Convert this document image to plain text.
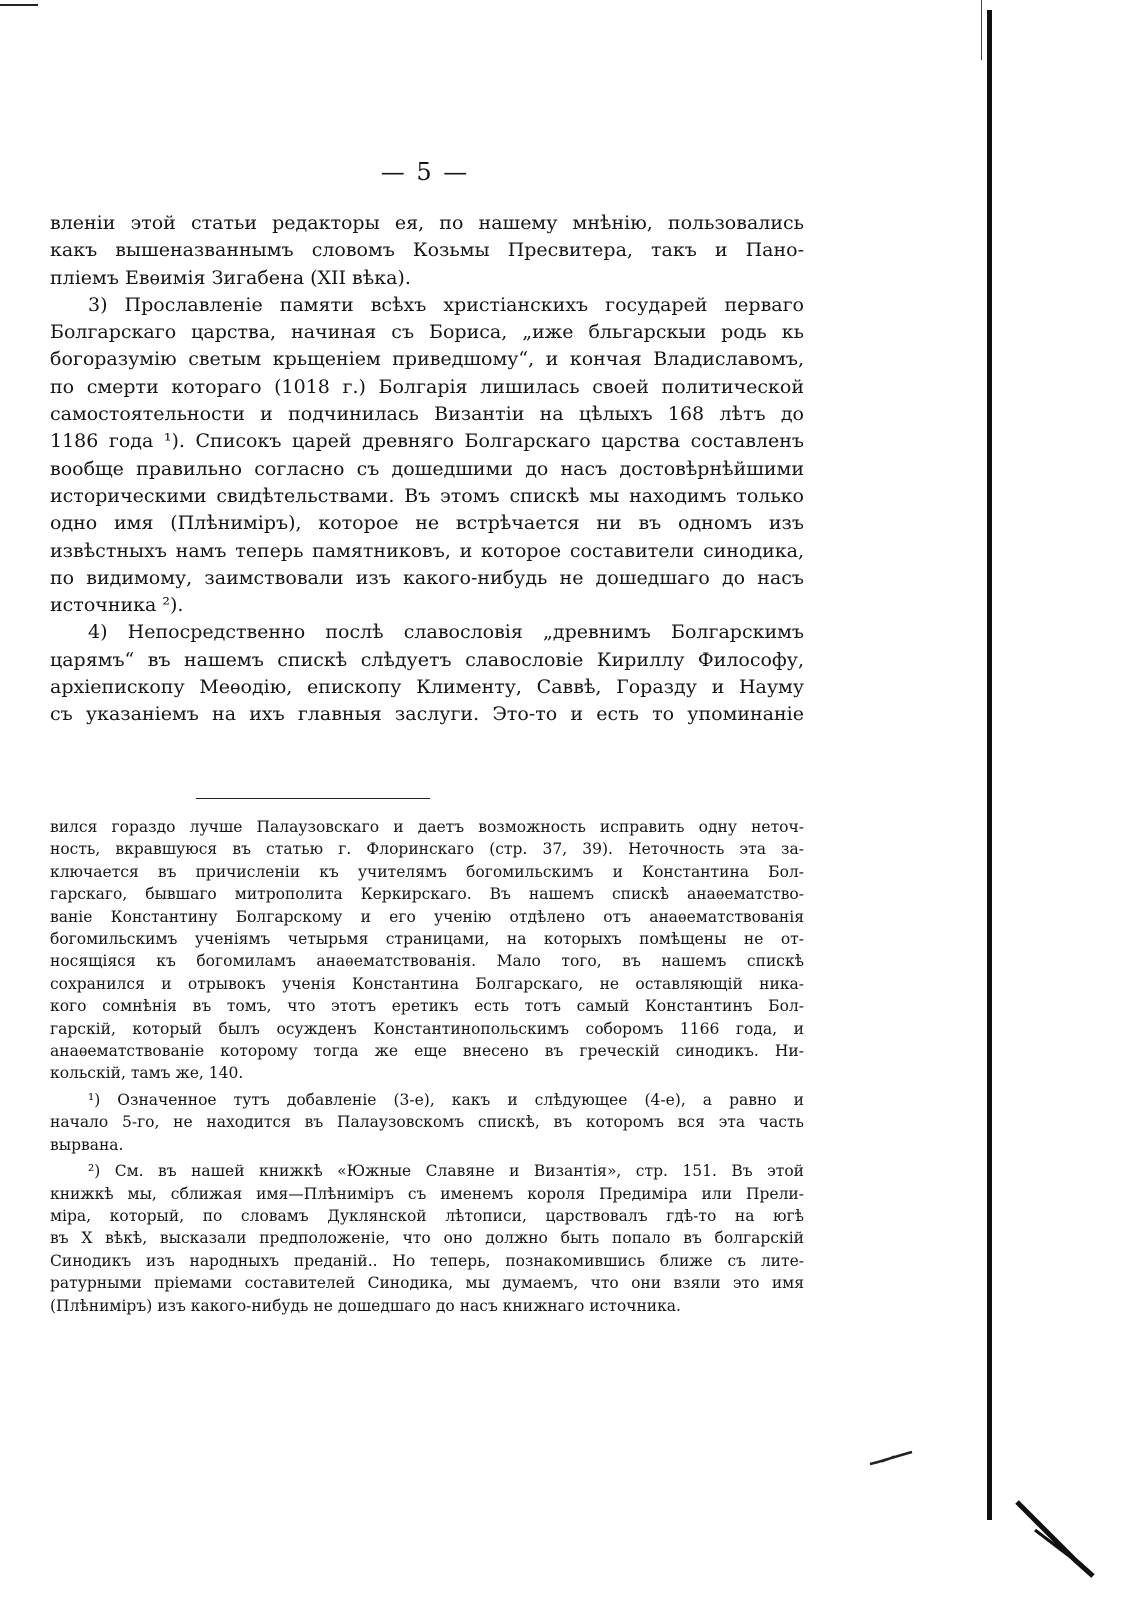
— 5 —
вленіи этой статьи редакторы ея, по нашему мнѣнію, пользовались
какъ вышеназваннымъ словомъ Козьмы Пресвитера, такъ и Пано-
пліемъ Евѳимія Зигабена (XII вѣка).
3) Прославленіе памяти всѣхъ христіанскихъ государей перваго
Болгарскаго царства, начиная съ Бориса, „иже бльгарскыи родь кь
богоразумію светым крьщеніем приведшому“, и кончая Владиславомъ,
по смерти котораго (1018 г.) Болгарія лишилась своей политической
самостоятельности и подчинилась Византіи на цѣлыхъ 168 лѣтъ до
1186 года ¹). Списокъ царей древняго Болгарскаго царства составленъ
вообще правильно согласно съ дошедшими до насъ достовѣрнѣйшими
историческими свидѣтельствами. Въ этомъ спискѣ мы находимъ только
одно имя (Плѣнимiръ), которое не встрѣчается ни въ одномъ изъ
извѣстныхъ намъ теперь памятниковъ, и которое составители синодика,
по видимому, заимствовали изъ какого-нибудь не дошедшаго до насъ
источника ²).
4) Непосредственно послѣ славословія „древнимъ Болгарскимъ
царямъ“ въ нашемъ спискѣ слѣдуетъ славословіе Кириллу Философу,
архіепископу Меѳодію, епископу Клименту, Саввѣ, Горазду и Науму
съ указаніемъ на ихъ главныя заслуги. Это-то и есть то упоминаніе
вился гораздо лучше Палаузовскаго и даетъ возможность исправить одну неточ-
ность, вкравшуюся въ статью г. Флоринскаго (стр. 37, 39). Неточность эта за-
ключается въ причисленіи къ учителямъ богомильскимъ и Константина Бол-
гарскаго, бывшаго митрополита Керкирскаго. Въ нашемъ спискѣ анаѳематство-
ваніе Константину Болгарскому и его ученію отдѣлено отъ анаѳематствованія
богомильскимъ ученіямъ четырьмя страницами, на которыхъ помѣщены не от-
носящіяся къ богомиламъ анаѳематствованія. Мало того, въ нашемъ спискѣ
сохранился и отрывокъ ученія Константина Болгарскаго, не оставляющій ника-
кого сомнѣнія въ томъ, что этотъ еретикъ есть тотъ самый Константинъ Бол-
гарскій, который былъ осужденъ Константинопольскимъ соборомъ 1166 года, и
анаѳематствованіе которому тогда же еще внесено въ греческій синодикъ. Ни-
кольскій, тамъ же, 140.
¹) Означенное тутъ добавленіе (3-е), какъ и слѣдующее (4-е), а равно и
начало 5-го, не находится въ Палаузовскомъ спискѣ, въ которомъ вся эта часть
вырвана.
²) См. въ нашей книжкѣ «Южные Славяне и Византія», стр. 151. Въ этой
книжкѣ мы, сближая имя—Плѣнимiръ съ именемъ короля Предиміра или Прели-
міра, который, по словамъ Дуклянской лѣтописи, царствовалъ гдѣ-то на югѣ
въ X вѣкѣ, высказали предположеніе, что оно должно быть попало въ болгарскій
Синодикъ изъ народныхъ преданій.. Но теперь, познакомившись ближе съ лите-
ратурными пріемами составителей Синодика, мы думаемъ, что они взяли это имя
(Плѣнимiръ) изъ какого-нибудь не дошедшаго до насъ книжнаго источника.
